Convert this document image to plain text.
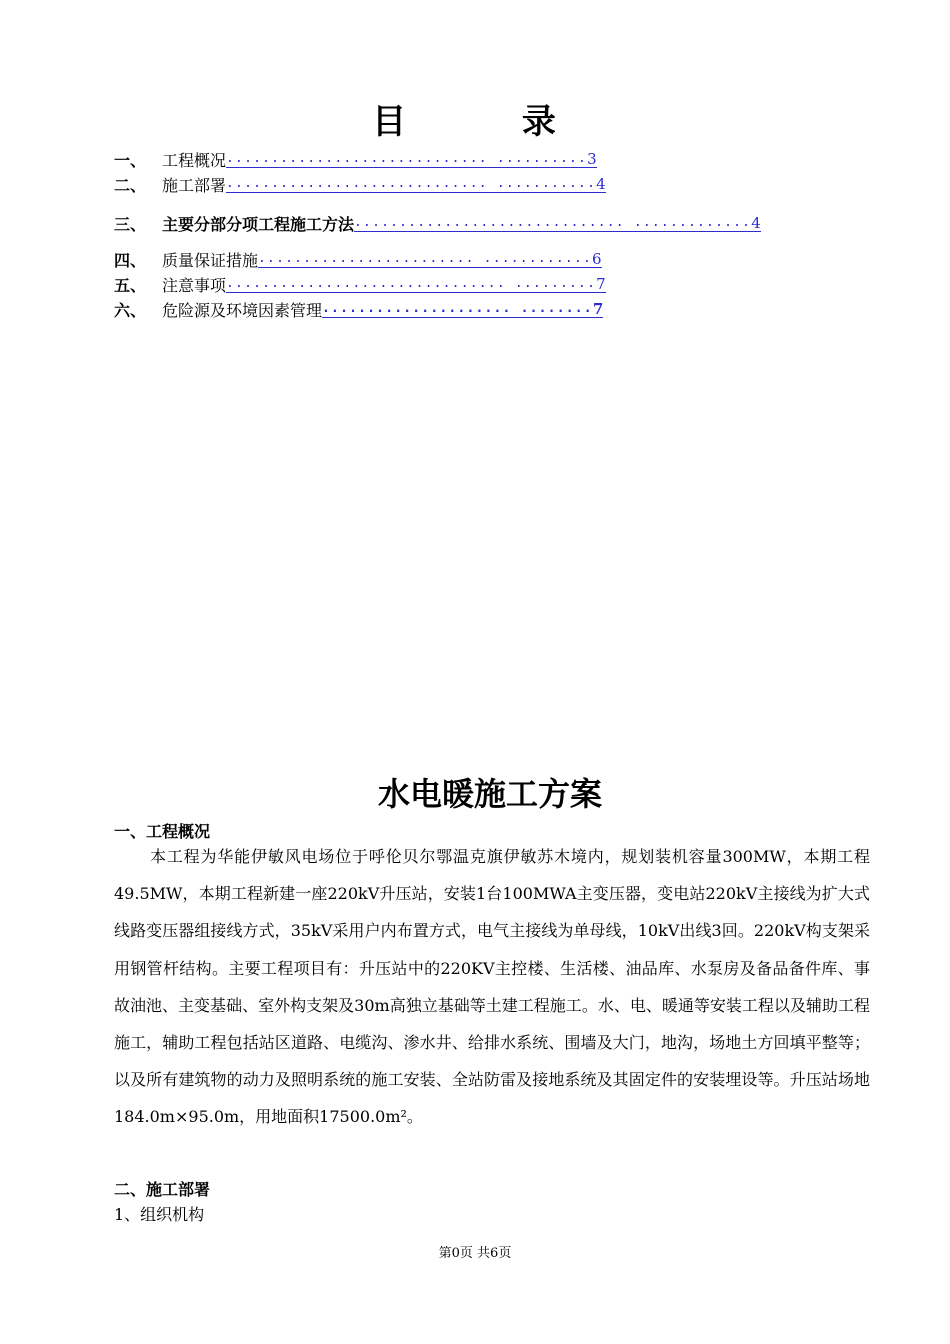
目 录
一、 工程概况 ............................. .......... 3
二、 施工部署 ............................. ........... 4
三、 主要分部分项工程施工方法 .............................. ............. 4
四、 质量保证措施 ........................ ............ 6
五、 注意事项 ............................... ......... 7
六、 危险源及环境因素管理 ..................... ........ 7
水电暖施工方案
一、工程概况
本工程为华能伊敏风电场位于呼伦贝尔鄂温克旗伊敏苏木境内，规划装机容量300MW，本期工程49.5MW，本期工程新建一座220kV升压站，安装1台100MWA主变压器，变电站220kV主接线为扩大式线路变压器组接线方式，35kV采用户内布置方式，电气主接线为单母线，10kV出线3回。220kV构支架采用钢管杆结构。主要工程项目有：升压站中的220KV主控楼、生活楼、油品库、水泵房及备品备件库、事故油池、主变基础、室外构支架及30m高独立基础等土建工程施工。水、电、暖通等安装工程以及辅助工程施工，辅助工程包括站区道路、电缆沟、渗水井、给排水系统、围墙及大门，地沟，场地土方回填平整等；以及所有建筑物的动力及照明系统的施工安装、全站防雷及接地系统及其固定件的安装埋设等。升压站场地184.0m×95.0m，用地面积17500.0m²。
二、施工部署
1、组织机构
第0页 共6页
